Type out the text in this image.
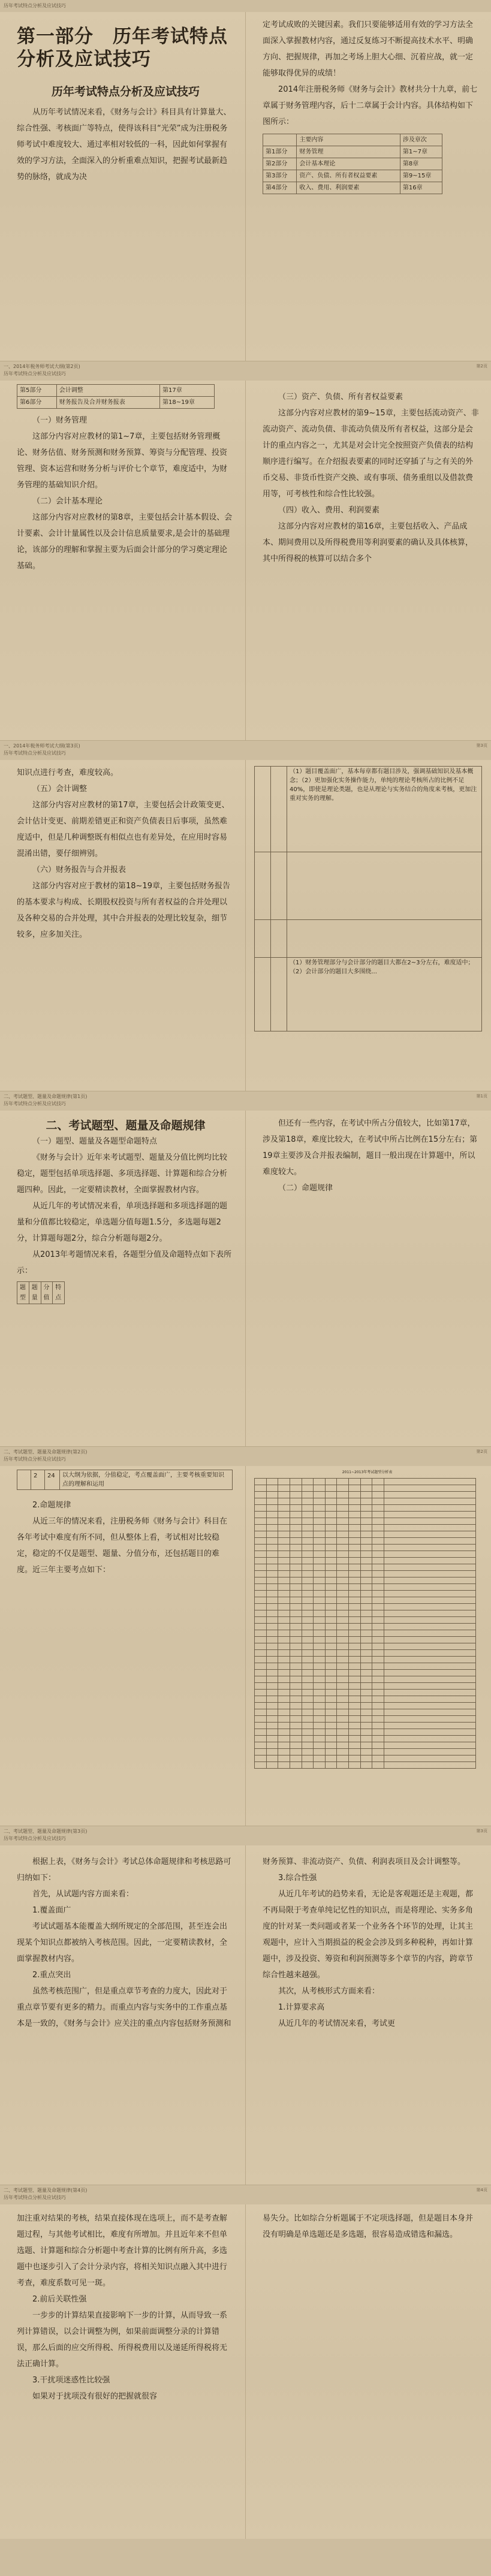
历年考试特点分析及应试技巧

第一部分　历年考试特点分析及应试技巧

历年考试特点分析及应试技巧

从历年考试情况来看，《财务与会计》科目具有计算量大、综合性强、考核面广等特点，使得该科目“光荣”成为注册税务师考试中难度较大、通过率相对较低的一科，因此如何掌握有效的学习方法，全面深入的分析重难点知识，把握考试最新趋势的脉络，就成为决

定考试成败的关键因素。我们只要能够适用有效的学习方法全面深入掌握教材内容，通过反复练习不断提高技术水平、明确方向、把握规律，再加之考场上胆大心细、沉着应战，就一定能够取得优异的成绩！

2014年注册税务师《财务与会计》教材共分十九章，前七章属于财务管理内容，后十二章属于会计内容。具体结构如下图所示：

	主要内容	涉及章次
第1部分	财务管理	第1~7章
第2部分	会计基本理论	第8章
第3部分	资产、负债、所有者权益要素	第9~15章
第4部分	收入、费用、利润要素	第16章
一、2014年税务师考试大纲(第2页)
历年考试特点分析及应试技巧
第2页
第5部分	会计调整	第17章
第6部分	财务报告及合并财务报表	第18~19章

（一）财务管理

这部分内容对应教材的第1~7章，主要包括财务管理概论、财务估值、财务预测和财务预算、筹资与分配管理、投资管理、资本运营和财务分析与评价七个章节，难度适中，为财务管理的基础知识介绍。

（二）会计基本理论

这部分内容对应教材的第8章，主要包括会计基本假设、会计要素、会计计量属性以及会计信息质量要求,是会计的基础理论，该部分的理解和掌握主要为后面会计部分的学习奠定理论基础。

（三）资产、负债、所有者权益要素

这部分内容对应教材的第9~15章，主要包括流动资产、非流动资产、流动负债、非流动负债及所有者权益，这部分是会计的重点内容之一，尤其是对会计完全按照资产负债表的结构顺序进行编写。在介绍报表要素的同时还穿插了与之有关的外币交易、非货币性资产交换、或有事项、债务重组以及借款费用等，可考核性和综合性比较强。

（四）收入、费用、利润要素

这部分内容对应教材的第16章，主要包括收入、产品成本、期间费用以及所得税费用等利润要素的确认及具体核算，其中所得税的核算可以结合多个

一、2014年税务师考试大纲(第3页)
历年考试特点分析及应试技巧
第3页

知识点进行考查，难度较高。

（五）会计调整

这部分内容对应教材的第17章，主要包括会计政策变更、会计估计变更、前期差错更正和资产负债表日后事项，虽然难度适中，但是几种调整既有相似点也有差异处，在应用时容易混淆出错，要仔细辨别。

（六）财务报告与合并报表

这部分内容对应于教材的第18~19章，主要包括财务报告的基本要求与构成、长期股权投资与所有者权益的合并处理以及各种交易的合并处理，其中合并报表的处理比较复杂，细节较多，应多加关注。

		（1）题目覆盖面广，基本每章都有题目涉及，强调基础知识及基本概念；（2）更加强化实务操作能力，单纯的理论考核所占的比例不足40%，即使是理论类题，也是从理论与实务结合的角度来考核，更加注重对实务的理解。

		（1）财务管理部分与会计部分的题目大都在2~3分左右，难度适中；（2）会计部分的题目大多围绕...
二、考试题型、题量及命题规律(第1页)
历年考试特点分析及应试技巧
第1页

二、考试题型、题量及命题规律

（一）题型、题量及各题型命题特点

《财务与会计》近年来考试题型、题量及分值比例均比较稳定，题型包括单项选择题、多项选择题、计算题和综合分析题四种。因此，一定要精读教材，全面掌握教材内容。

从近几年的考试情况来看，单项选择题和多项选择题的题量和分值都比较稳定，单选题分值每题1.5分，多选题每题2分，计算题每题2分，综合分析题每题2分。

从2013年考题情况来看，各题型分值及命题特点如下表所示：

题型	题量	分值	特点

但还有一些内容，在考试中所占分值较大，比如第17章，涉及第18章，难度比较大，在考试中所占比例在15分左右；第19章主要涉及合并报表编制，题目一般出现在计算题中，所以难度较大。

（二）命题规律

二、考试题型、题量及命题规律(第2页)
历年考试特点分析及应试技巧
第2页
	2	24	以大纲为依据，分值稳定，考点覆盖面广，主要考核重要知识点的理解和运用

2.命题规律

从近三年的情况来看，注册税务师《财务与会计》科目在各年考试中难度有所不同，但从整体上看，考试相对比较稳定，稳定的不仅是题型、题量、分值分布，还包括题目的难度。近三年主要考点如下：

2011~2013年考试题型分析表

二、考试题型、题量及命题规律(第3页)
历年考试特点分析及应试技巧
第3页

根据上表，《财务与会计》考试总体命题规律和考核思路可归纳如下：

首先，从试题内容方面来看：

1.覆盖面广

考试试题基本能覆盖大纲所规定的全部范围，甚至连会出现某个知识点都被纳入考核范围。因此，一定要精读教材，全面掌握教材内容。

2.重点突出

虽然考核范围广，但是重点章节考查的力度大，因此对于重点章节要有更多的精力。而重点内容与实务中的工作重点基本是一致的，《财务与会计》应关注的重点内容包括财务预测和

财务预算、非流动资产、负债、利润表项目及会计调整等。

3.综合性强

从近几年考试的趋势来看，无论是客观题还是主观题，都不再局限于考查单纯记忆性的知识点，而是将理论、实务多角度的针对某一类问题或者某一个业务各个环节的处理，让其主观题中，应计入当期损益的税金会涉及到多种税种，再如计算题中，涉及投资、筹资和利润预测等多个章节的内容，跨章节综合性越来越强。

其次，从考核形式方面来看：

1.计算要求高

从近几年的考试情况来看，考试更

二、考试题型、题量及命题规律(第4页)
历年考试特点分析及应试技巧
第4页

加注重对结果的考核，结果直接体现在选项上，而不是考查解题过程，与其他考试相比，难度有所增加。并且近年来不但单选题、计算题和综合分析题中考查计算的比例有所升高，多选题中也逐步引入了会计分录内容，将相关知识点融入其中进行考查，难度系数可见一斑。

2.前后关联性强

一步步的计算结果直接影响下一步的计算，从而导致一系列计算错误，以会计调整为例，如果前面调整分录的计算错误，那么后面的应交所得税、所得税费用以及递延所得税将无法正确计算。

3.干扰项迷惑性比较强

如果对于扰项没有很好的把握就很容

易失分。比如综合分析题属于不定项选择题，但是题目本身并没有明确是单选题还是多选题，很容易造成错选和漏选。
